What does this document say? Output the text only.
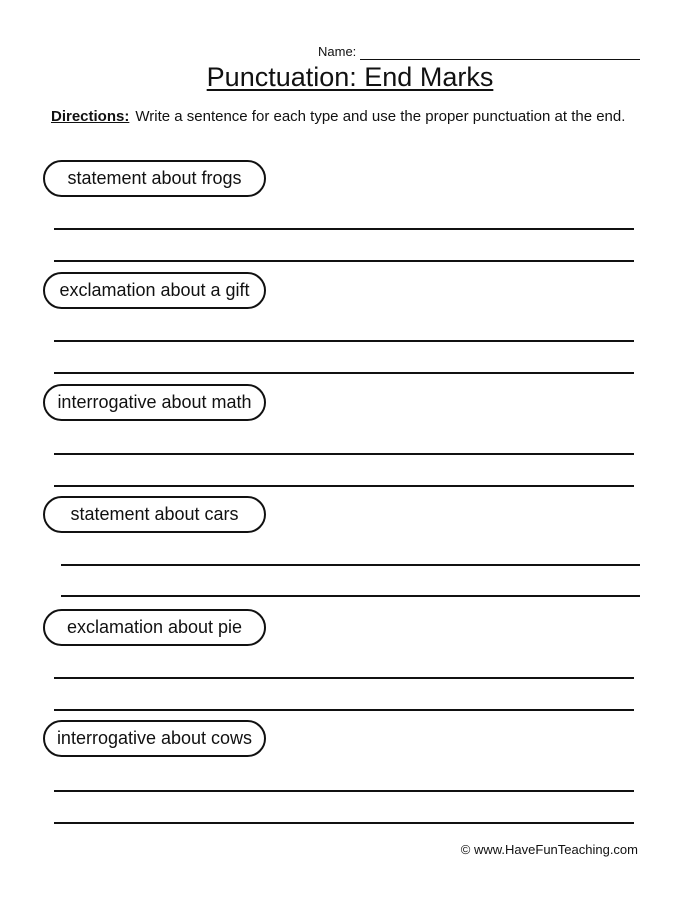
Name:
Punctuation: End Marks
Directions: Write a sentence for each type and use the proper punctuation at the end.
statement about frogs
exclamation about a gift
interrogative about math
statement about cars
exclamation about pie
interrogative about cows
© www.HaveFunTeaching.com
